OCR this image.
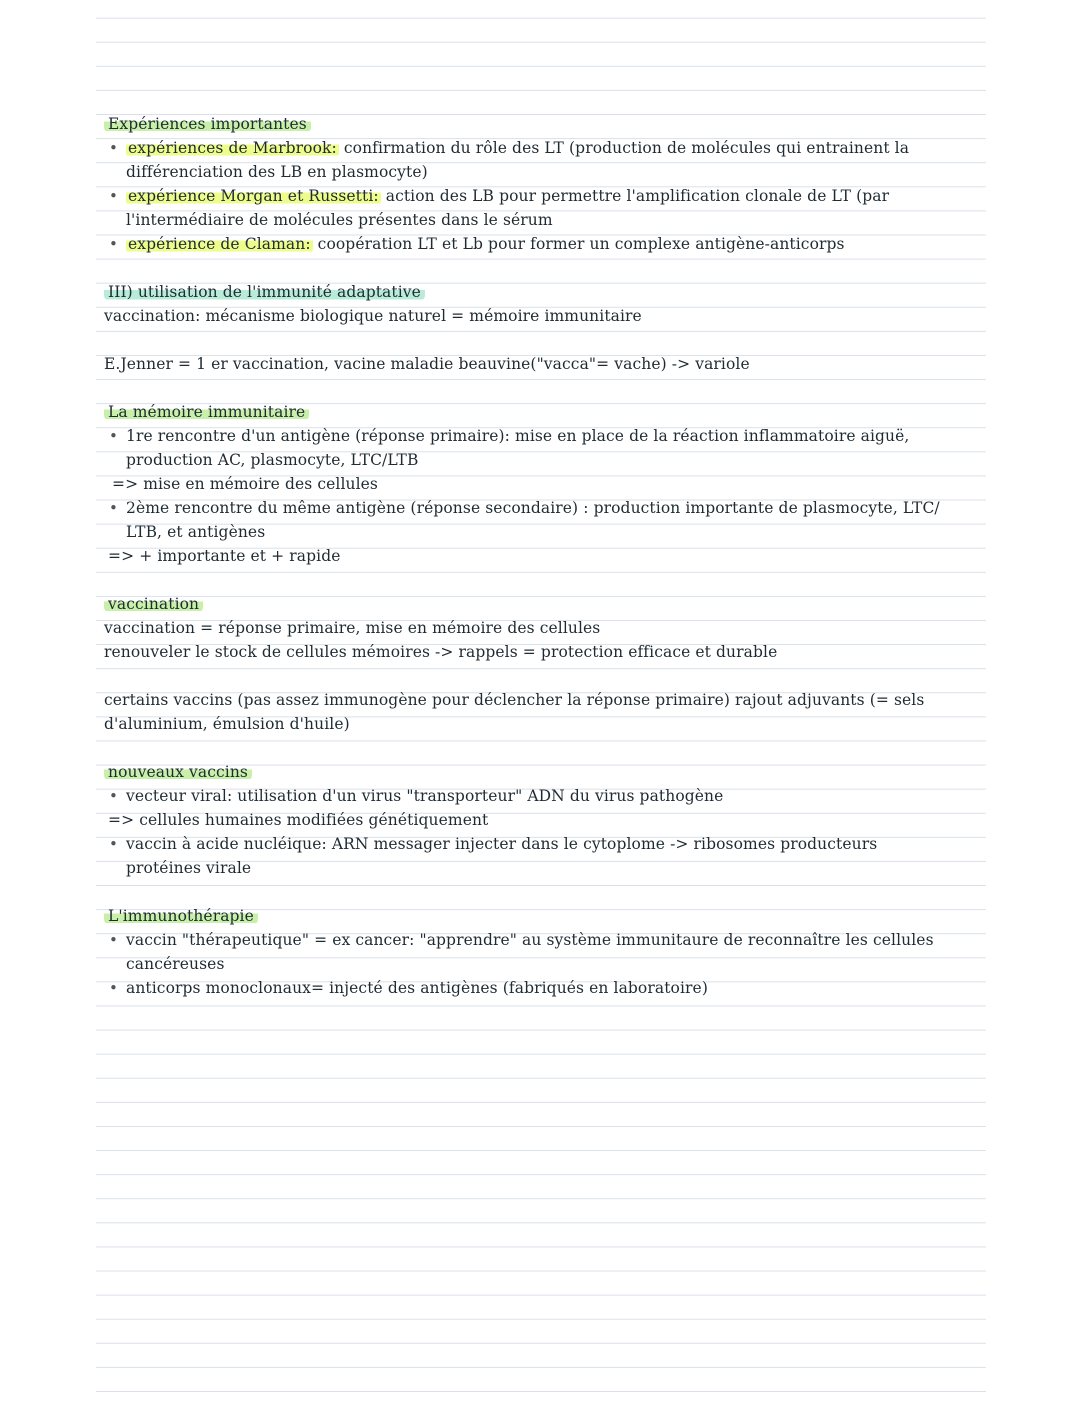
Expériences importantes
• expériences de Marbrook: confirmation du rôle des LT (production de molécules qui entrainent la
différenciation des LB en plasmocyte)
• expérience Morgan et Russetti: action des LB pour permettre l'amplification clonale de LT (par
l'intermédiaire de molécules présentes dans le sérum
• expérience de Claman: coopération LT et Lb pour former un complexe antigène-anticorps
III) utilisation de l'immunité adaptative
vaccination: mécanisme biologique naturel = mémoire immunitaire
E.Jenner = 1 er vaccination, vacine maladie beauvine("vacca"= vache) -> variole
La mémoire immunitaire
• 1re rencontre d'un antigène (réponse primaire): mise en place de la réaction inflammatoire aiguë,
production AC, plasmocyte, LTC/LTB
=> mise en mémoire des cellules
• 2ème rencontre du même antigène (réponse secondaire) : production importante de plasmocyte, LTC/
LTB, et antigènes
=> + importante et + rapide
vaccination
vaccination = réponse primaire, mise en mémoire des cellules
renouveler le stock de cellules mémoires -> rappels = protection efficace et durable
certains vaccins (pas assez immunogène pour déclencher la réponse primaire) rajout adjuvants (= sels
d'aluminium, émulsion d'huile)
nouveaux vaccins
• vecteur viral: utilisation d'un virus "transporteur" ADN du virus pathogène
=> cellules humaines modifiées génétiquement
• vaccin à acide nucléique: ARN messager injecter dans le cytoplome -> ribosomes producteurs
protéines virale
L'immunothérapie
• vaccin "thérapeutique" = ex cancer: "apprendre" au système immunitaure de reconnaître les cellules
cancéreuses
• anticorps monoclonaux= injecté des antigènes (fabriqués en laboratoire)
